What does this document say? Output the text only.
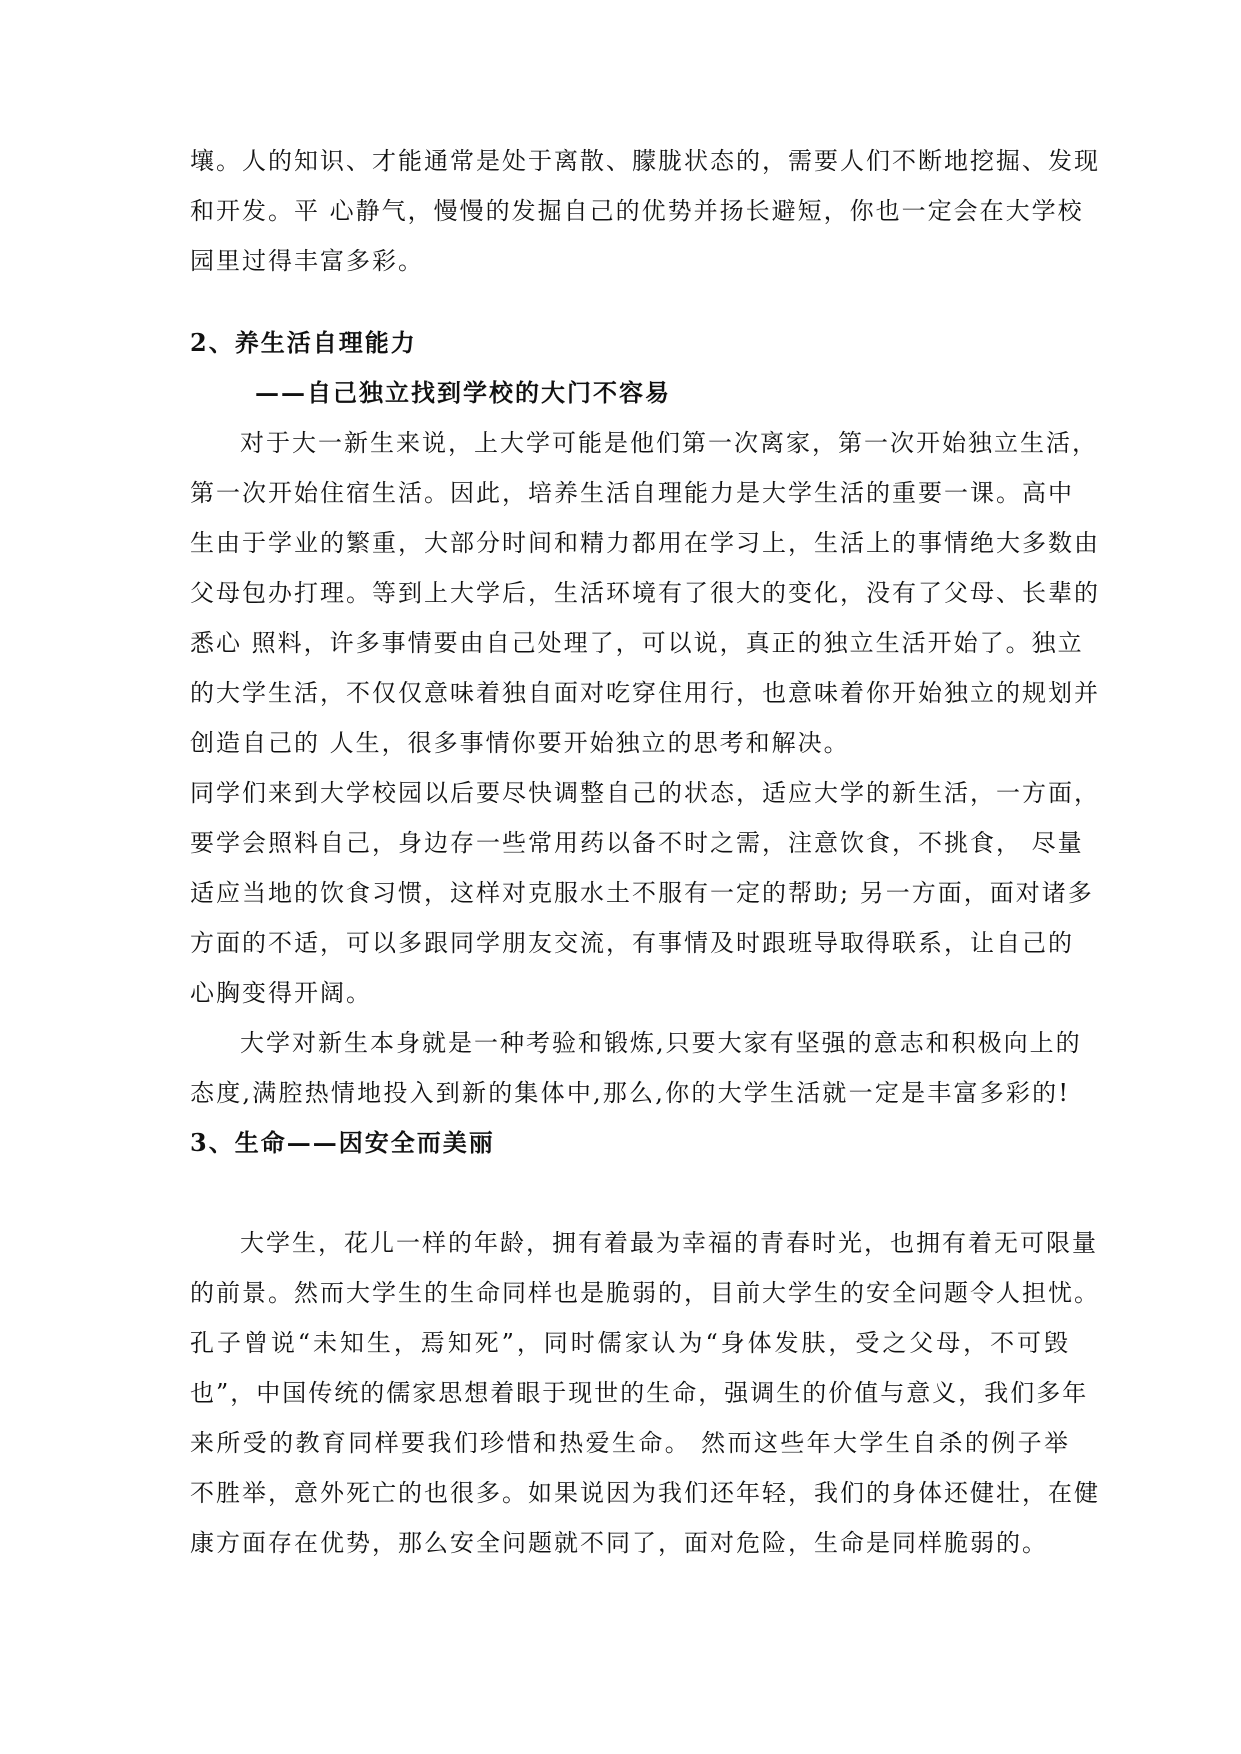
壤。人的知识、才能通常是处于离散、朦胧状态的，需要人们不断地挖掘、发现
和开发。平 心静气，慢慢的发掘自己的优势并扬长避短，你也一定会在大学校
园里过得丰富多彩。
2、养生活自理能力
——自己独立找到学校的大门不容易
对于大一新生来说，上大学可能是他们第一次离家，第一次开始独立生活，
第一次开始住宿生活。因此，培养生活自理能力是大学生活的重要一课。高中
生由于学业的繁重，大部分时间和精力都用在学习上，生活上的事情绝大多数由
父母包办打理。等到上大学后，生活环境有了很大的变化，没有了父母、长辈的
悉心 照料，许多事情要由自己处理了，可以说，真正的独立生活开始了。独立
的大学生活，不仅仅意味着独自面对吃穿住用行，也意味着你开始独立的规划并
创造自己的 人生，很多事情你要开始独立的思考和解决。
同学们来到大学校园以后要尽快调整自己的状态，适应大学的新生活，一方面，
要学会照料自己，身边存一些常用药以备不时之需，注意饮食，不挑食， 尽量
适应当地的饮食习惯，这样对克服水土不服有一定的帮助; 另一方面，面对诸多
方面的不适，可以多跟同学朋友交流，有事情及时跟班导取得联系，让自己的
心胸变得开阔。
大学对新生本身就是一种考验和锻炼,只要大家有坚强的意志和积极向上的
态度,满腔热情地投入到新的集体中,那么,你的大学生活就一定是丰富多彩的!
3、生命——因安全而美丽
大学生，花儿一样的年龄，拥有着最为幸福的青春时光，也拥有着无可限量
的前景。然而大学生的生命同样也是脆弱的，目前大学生的安全问题令人担忧。
孔子曾说“未知生，焉知死”，同时儒家认为“身体发肤，受之父母，不可毁
也”，中国传统的儒家思想着眼于现世的生命，强调生的价值与意义，我们多年
来所受的教育同样要我们珍惜和热爱生命。 然而这些年大学生自杀的例子举
不胜举，意外死亡的也很多。如果说因为我们还年轻，我们的身体还健壮，在健
康方面存在优势，那么安全问题就不同了，面对危险，生命是同样脆弱的。
